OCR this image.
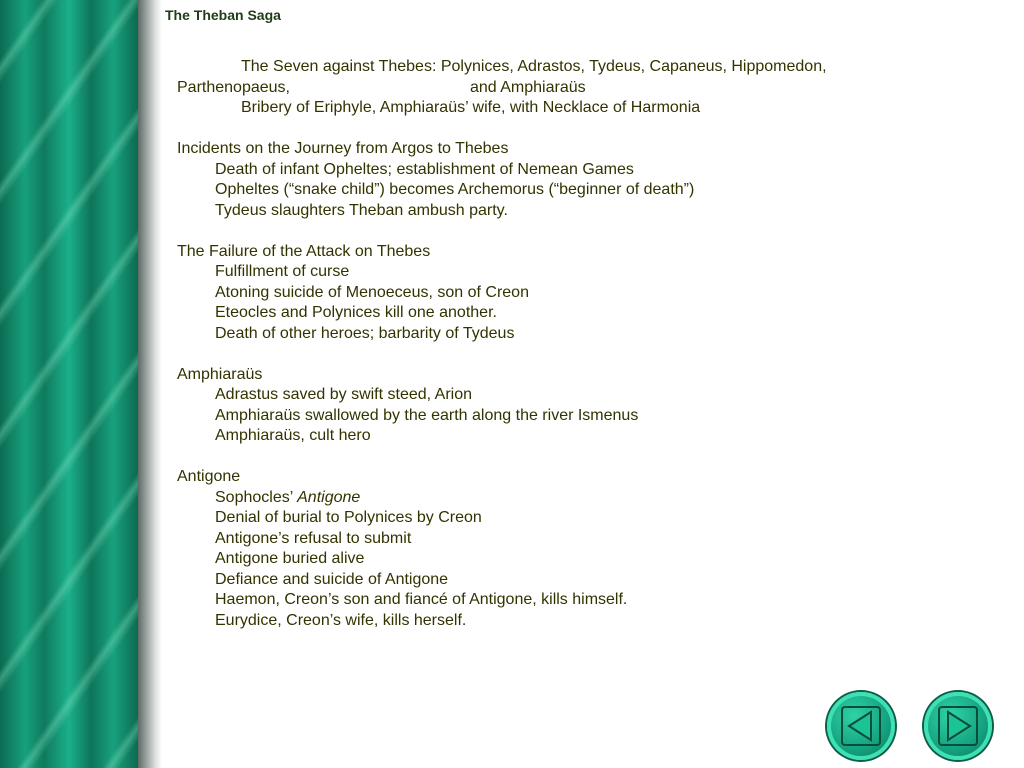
The Theban Saga
The Seven against Thebes: Polynices, Adrastos, Tydeus, Capaneus, Hippomedon,
Parthenopaeus,	and Amphiaraüs
Bribery of Eriphyle, Amphiaraüs’ wife, with Necklace of Harmonia
Incidents on the Journey from Argos to Thebes
Death of infant Opheltes; establishment of Nemean Games
Opheltes (“snake child”) becomes Archemorus (“beginner of death”)
Tydeus slaughters Theban ambush party.
The Failure of the Attack on Thebes
Fulfillment of curse
Atoning suicide of Menoeceus, son of Creon
Eteocles and Polynices kill one another.
Death of other heroes; barbarity of Tydeus
Amphiaraüs
Adrastus saved by swift steed, Arion
Amphiaraüs swallowed by the earth along the river Ismenus
Amphiaraüs, cult hero
Antigone
Sophocles’ Antigone
Denial of burial to Polynices by Creon
Antigone’s refusal to submit
Antigone buried alive
Defiance and suicide of Antigone
Haemon, Creon’s son and fiancé of Antigone, kills himself.
Eurydice, Creon’s wife, kills herself.
